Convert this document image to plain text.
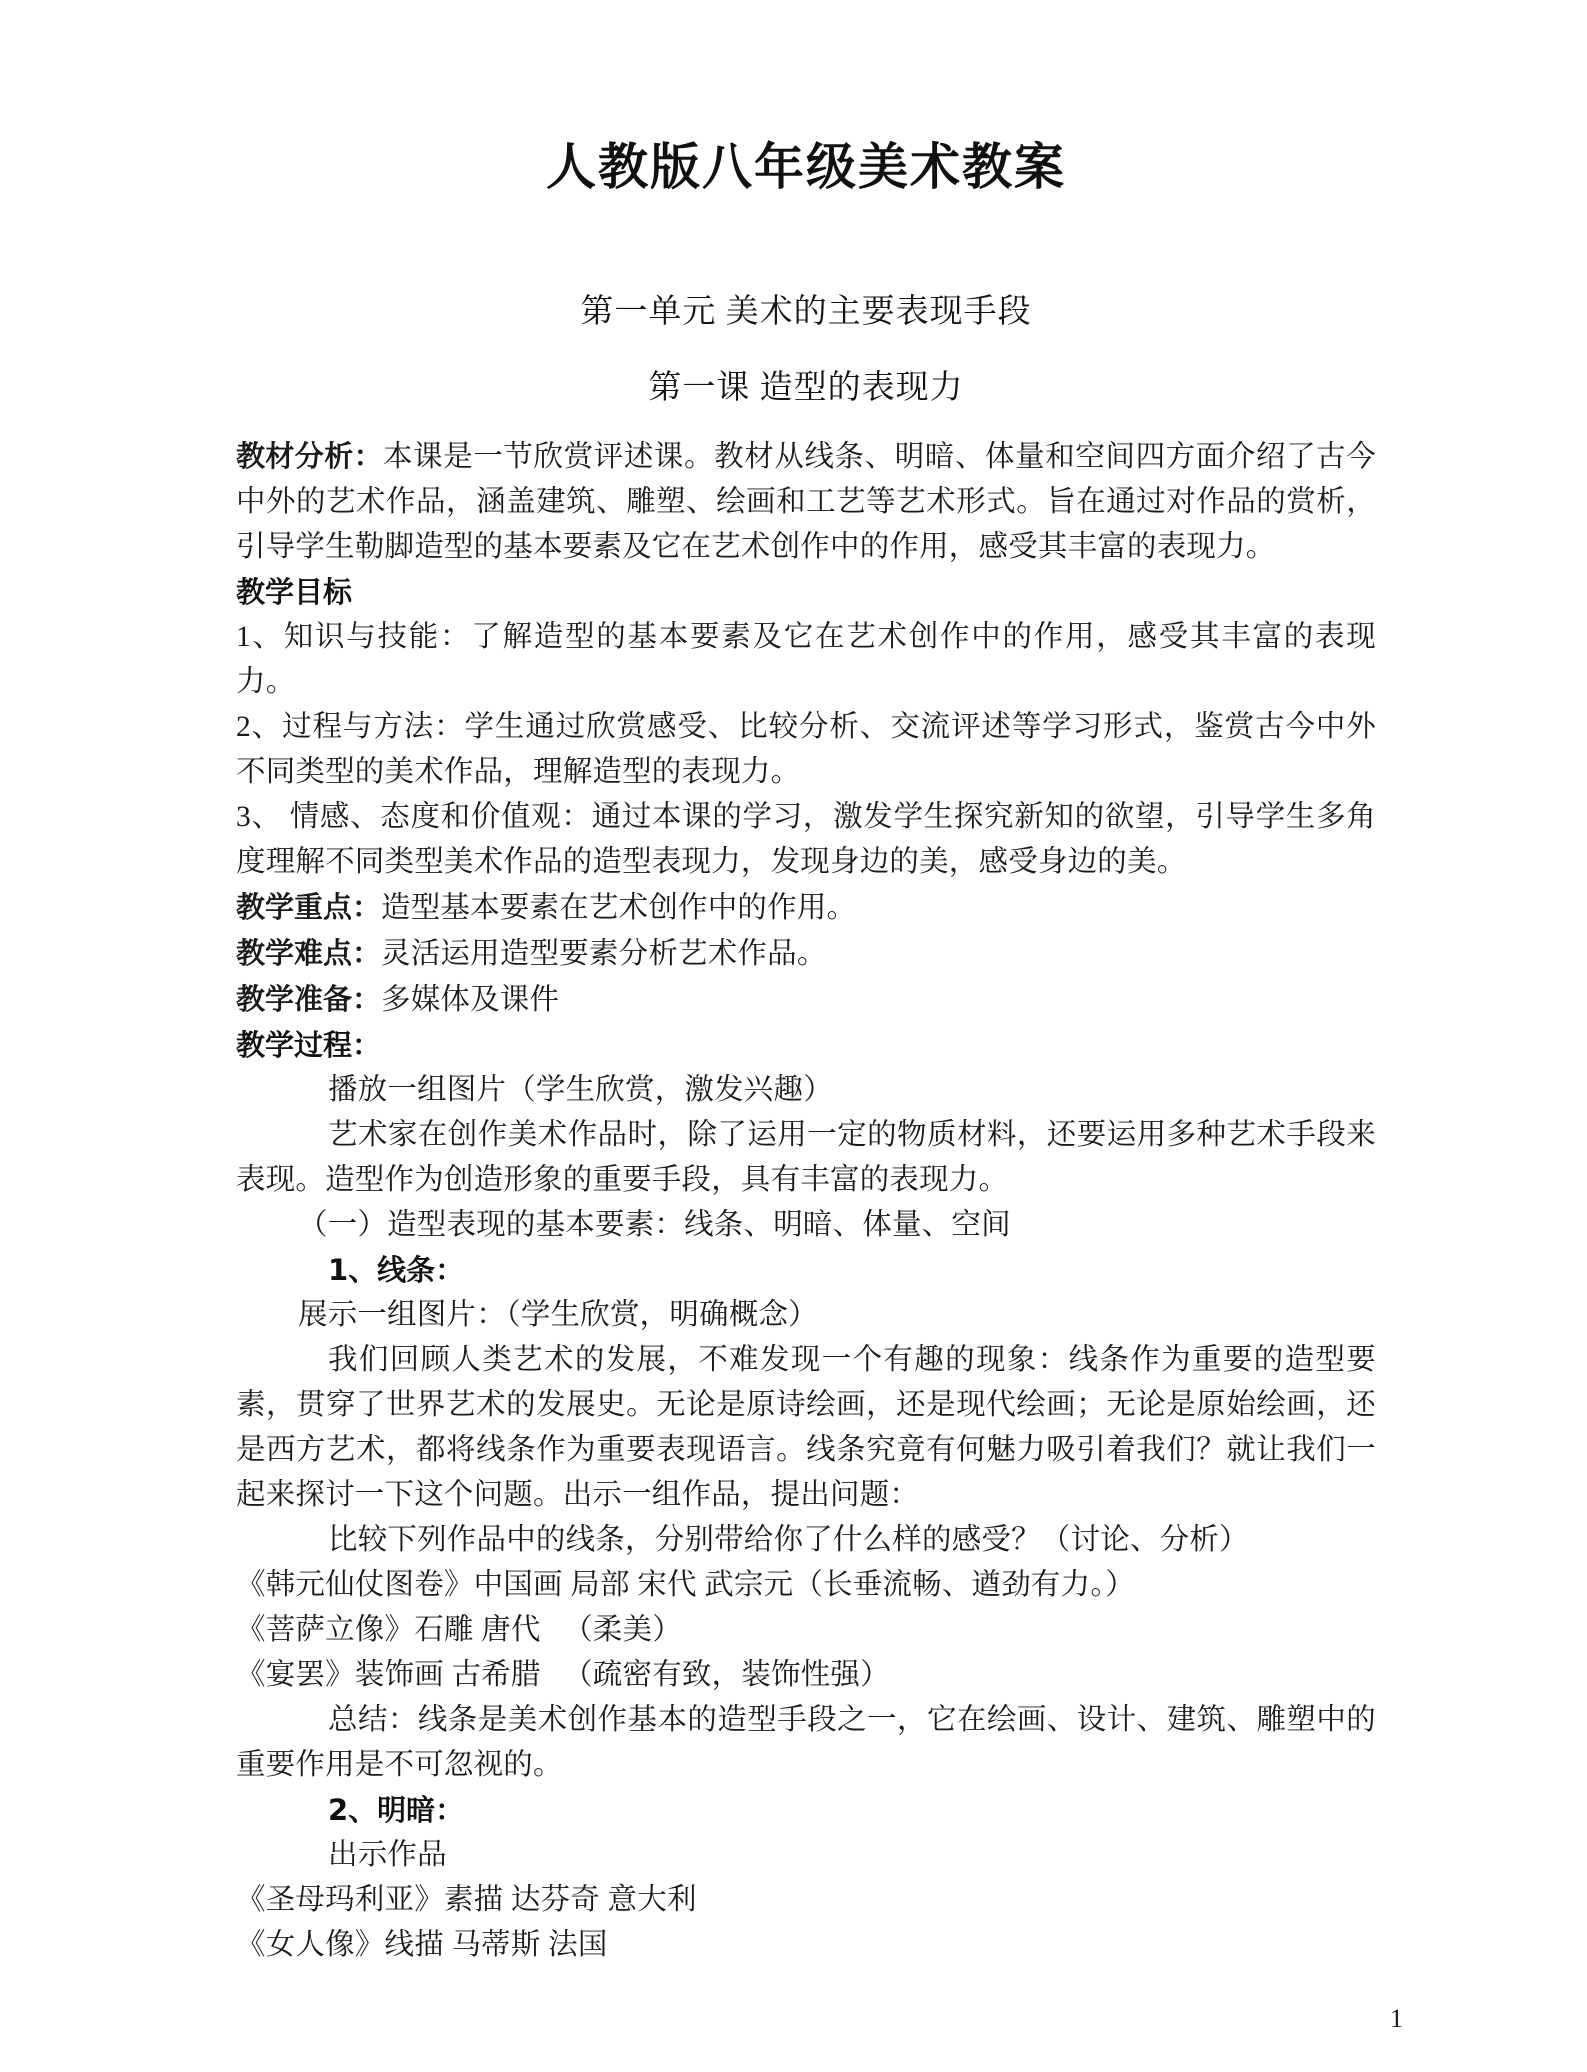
人教版八年级美术教案
第一单元 美术的主要表现手段
第一课 造型的表现力

教材分析：本课是一节欣赏评述课。教材从线条、明暗、体量和空间四方面介绍了古今中外的艺术作品，涵盖建筑、雕塑、绘画和工艺等艺术形式。旨在通过对作品的赏析，引导学生勒脚造型的基本要素及它在艺术创作中的作用，感受其丰富的表现力。

教学目标

1、知识与技能：了解造型的基本要素及它在艺术创作中的作用，感受其丰富的表现力。

2、过程与方法：学生通过欣赏感受、比较分析、交流评述等学习形式，鉴赏古今中外不同类型的美术作品，理解造型的表现力。

3、 情感、态度和价值观：通过本课的学习，激发学生探究新知的欲望，引导学生多角度理解不同类型美术作品的造型表现力，发现身边的美，感受身边的美。

教学重点：造型基本要素在艺术创作中的作用。

教学难点：灵活运用造型要素分析艺术作品。

教学准备：多媒体及课件

教学过程：

播放一组图片（学生欣赏，激发兴趣）

艺术家在创作美术作品时，除了运用一定的物质材料，还要运用多种艺术手段来表现。造型作为创造形象的重要手段，具有丰富的表现力。

（一）造型表现的基本要素：线条、明暗、体量、空间

1、线条：

展示一组图片：（学生欣赏，明确概念）

我们回顾人类艺术的发展，不难发现一个有趣的现象：线条作为重要的造型要素，贯穿了世界艺术的发展史。无论是原诗绘画，还是现代绘画；无论是原始绘画，还是西方艺术，都将线条作为重要表现语言。线条究竟有何魅力吸引着我们？就让我们一起来探讨一下这个问题。出示一组作品，提出问题：

比较下列作品中的线条，分别带给你了什么样的感受？（讨论、分析）

《韩元仙仗图卷》中国画 局部 宋代 武宗元（长垂流畅、遒劲有力。）

《菩萨立像》石雕 唐代 　（柔美）

《宴罢》装饰画 古希腊 　（疏密有致，装饰性强）

总结：线条是美术创作基本的造型手段之一，它在绘画、设计、建筑、雕塑中的重要作用是不可忽视的。

2、明暗：

出示作品

《圣母玛利亚》素描 达芬奇 意大利

《女人像》线描 马蒂斯 法国

1
